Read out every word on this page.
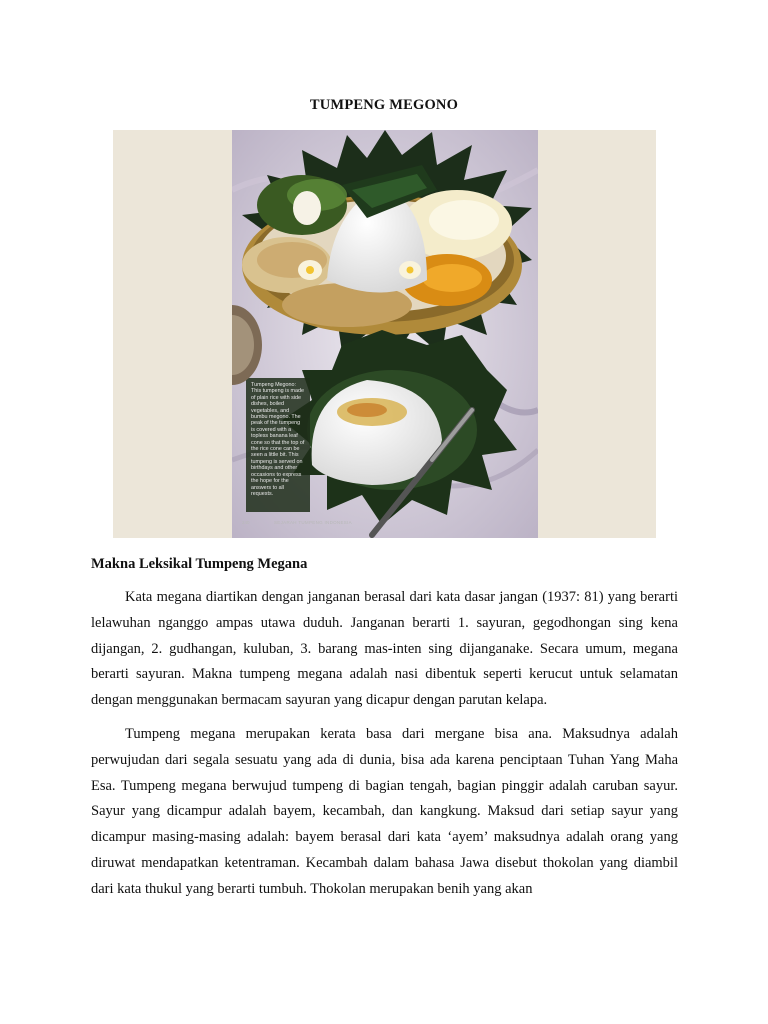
TUMPENG MEGONO
Tumpeng Megono: This tumpeng is made of plain rice with side dishes, boiled vegetables, and bumbu megono. The peak of the tumpeng is covered with a topless banana leaf cone so that the top of the rice cone can be seen a little bit. This tumpeng is served on birthdays and other occasions to express the hope for the answers to all requests.
240	SEJARAH TUMPENG INDONESIA
Makna Leksikal Tumpeng Megana

Kata megana diartikan dengan janganan berasal dari kata dasar jangan (1937: 81) yang berarti lelawuhan nganggo ampas utawa duduh. Janganan berarti 1. sayuran, gegodhongan sing kena dijangan, 2. gudhangan, kuluban, 3. barang mas-inten sing dijanganake. Secara umum, megana berarti sayuran. Makna tumpeng megana adalah nasi dibentuk seperti kerucut untuk selamatan dengan menggunakan bermacam sayuran yang dicapur dengan parutan kelapa.

Tumpeng megana merupakan kerata basa dari mergane bisa ana. Maksudnya adalah perwujudan dari segala sesuatu yang ada di dunia, bisa ada karena penciptaan Tuhan Yang Maha Esa. Tumpeng megana berwujud tumpeng di bagian tengah, bagian pinggir adalah caruban sayur. Sayur yang dicampur adalah bayem, kecambah, dan kangkung. Maksud dari setiap sayur yang dicampur masing-masing adalah: bayem berasal dari kata ‘ayem’ maksudnya adalah orang yang diruwat mendapatkan ketentraman. Kecambah dalam bahasa Jawa disebut thokolan yang diambil dari kata thukul yang berarti tumbuh. Thokolan merupakan benih yang akan
